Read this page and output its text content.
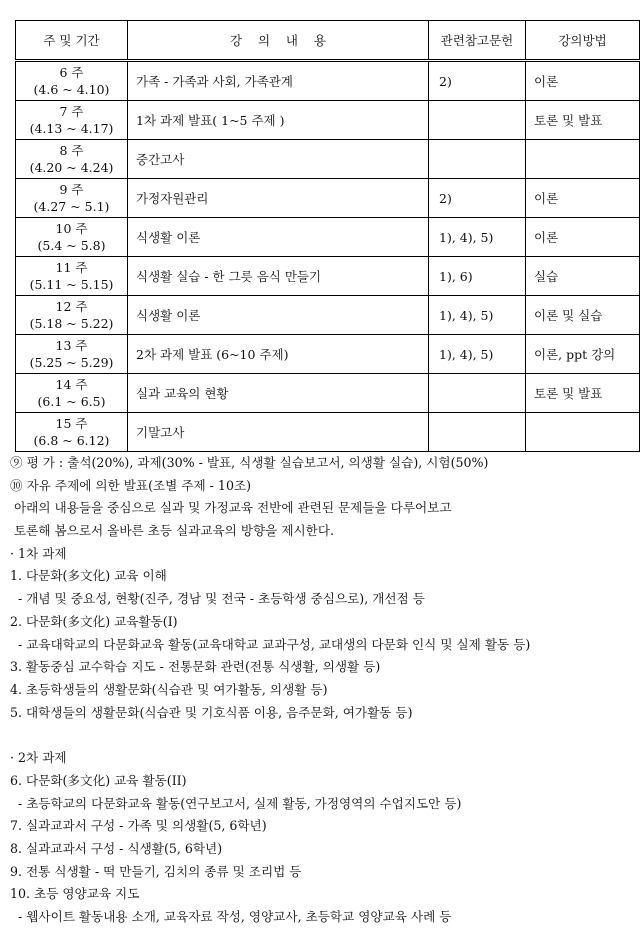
주 및 기간	강    의    내    용	관련참고문헌	강의방법

6 주
(4.6 ~ 4.10)	가족 - 가족과 사회, 가족관계	2)	이론

7 주
(4.13 ~ 4.17)	1차 과제 발표( 1~5 주제 )		토론 및 발표

8 주
(4.20 ~ 4.24)	중간고사		

9 주
(4.27 ~ 5.1)	가정자원관리	2)	이론

10 주
(5.4 ~ 5.8)	식생활 이론	1), 4), 5)	이론

11 주
(5.11 ~ 5.15)	식생활 실습 - 한 그릇 음식 만들기	1), 6)	실습

12 주
(5.18 ~ 5.22)	식생활 이론	1), 4), 5)	이론 및 실습

13 주
(5.25 ~ 5.29)	2차 과제 발표 (6~10 주제)	1), 4), 5)	이론, ppt 강의

14 주
(6.1 ~ 6.5)	실과 교육의 현황		토론 및 발표

15 주
(6.8 ~ 6.12)	기말고사		

⑨ 평 가 : 출석(20%), 과제(30% - 발표, 식생활 실습보고서, 의생활 실습), 시험(50%)

⑩ 자유 주제에 의한 발표(조별 주제 - 10조)

아래의 내용들을 중심으로 실과 및 가정교육 전반에 관련된 문제들을 다루어보고

토론해 봄으로서 올바른 초등 실과교육의 방향을 제시한다.

· 1차 과제

1. 다문화(多文化) 교육 이해

- 개념 및 중요성, 현황(진주, 경남 및 전국 - 초등학생 중심으로), 개선점 등

2. 다문화(多文化) 교육활동(I)

- 교육대학교의 다문화교육 활동(교육대학교 교과구성, 교대생의 다문화 인식 및 실제 활동 등)

3. 활동중심 교수학습 지도 - 전통문화 관련(전통 식생활, 의생활 등)

4. 초등학생들의 생활문화(식습관 및 여가활동, 의생활 등)

5. 대학생들의 생활문화(식습관 및 기호식품 이용, 음주문화, 여가활동 등)

· 2차 과제

6. 다문화(多文化) 교육 활동(II)

- 초등학교의 다문화교육 활동(연구보고서, 실제 활동, 가정영역의 수업지도안 등)

7. 실과교과서 구성 - 가족 및 의생활(5, 6학년)

8. 실과교과서 구성 - 식생활(5, 6학년)

9. 전통 식생활 - 떡 만들기, 김치의 종류 및 조리법 등

10. 초등 영양교육 지도

- 웹사이트 활동내용 소개, 교육자료 작성, 영양교사, 초등학교 영양교육 사례 등
